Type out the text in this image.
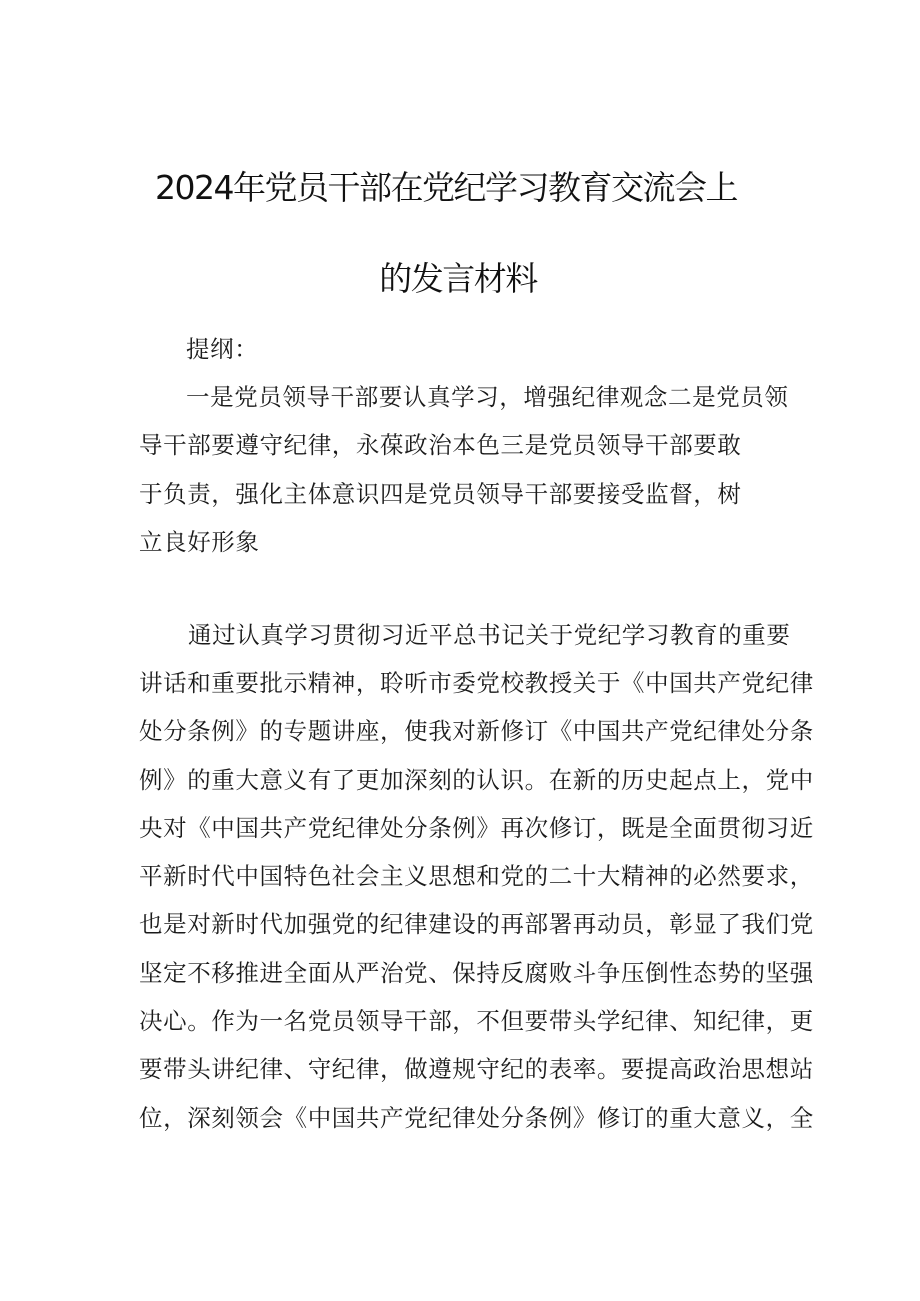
2024年党员干部在党纪学习教育交流会上
的发言材料
提纲：
一是党员领导干部要认真学习，增强纪律观念二是党员领
导干部要遵守纪律，永葆政治本色三是党员领导干部要敢
于负责，强化主体意识四是党员领导干部要接受监督，树
立良好形象
通过认真学习贯彻习近平总书记关于党纪学习教育的重要
讲话和重要批示精神，聆听市委党校教授关于《中国共产党纪律
处分条例》的专题讲座，使我对新修订《中国共产党纪律处分条
例》的重大意义有了更加深刻的认识。在新的历史起点上，党中
央对《中国共产党纪律处分条例》再次修订，既是全面贯彻习近
平新时代中国特色社会主义思想和党的二十大精神的必然要求，
也是对新时代加强党的纪律建设的再部署再动员，彰显了我们党
坚定不移推进全面从严治党、保持反腐败斗争压倒性态势的坚强
决心。作为一名党员领导干部，不但要带头学纪律、知纪律，更
要带头讲纪律、守纪律，做遵规守纪的表率。要提高政治思想站
位，深刻领会《中国共产党纪律处分条例》修订的重大意义，全
